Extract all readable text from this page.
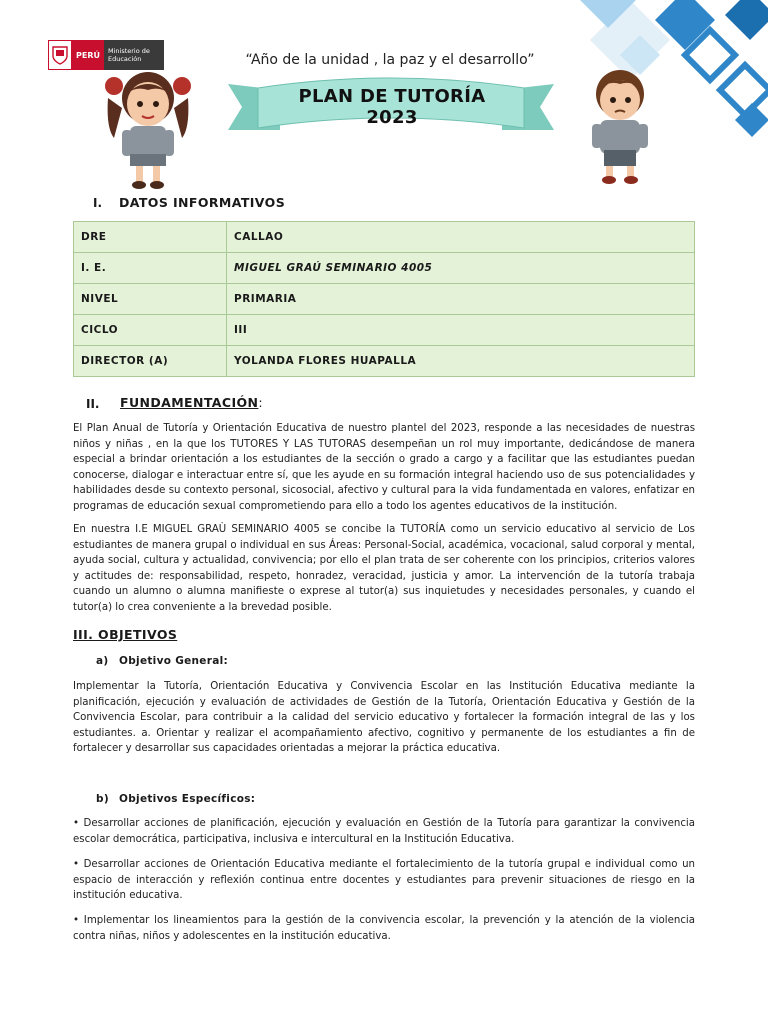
PERÚ	Ministerio de Educación	“Año de la unidad , la paz y el desarrollo”
PLAN DE TUTORÍA 2023
I. DATOS INFORMATIVOS
DRE	CALLAO
I. E.	MIGUEL GRAÚ SEMINARIO 4005
NIVEL	PRIMARIA
CICLO	III
DIRECTOR (A)	YOLANDA FLORES HUAPALLA
II. FUNDAMENTACIÓN:
El Plan Anual de Tutoría y Orientación Educativa de nuestro plantel del 2023, responde a las necesidades de nuestras niños y niñas , en la que los TUTORES Y LAS TUTORAS desempeñan un rol muy importante, dedicándose de manera especial a brindar orientación a los estudiantes de la sección o grado a cargo y a facilitar que las estudiantes puedan conocerse, dialogar e interactuar entre sí, que les ayude en su formación integral haciendo uso de sus potencialidades y habilidades desde su contexto personal, sicosocial, afectivo y cultural para la vida fundamentada en valores, enfatizar en programas de educación sexual comprometiendo para ello a todo los agentes educativos de la institución.
En nuestra I.E MIGUEL GRAÙ SEMINARIO 4005 se concibe la TUTORÍA como un servicio educativo al servicio de Los estudiantes de manera grupal o individual en sus Áreas: Personal-Social, académica, vocacional, salud corporal y mental, ayuda social, cultura y actualidad, convivencia; por ello el plan trata de ser coherente con los principios, criterios valores y actitudes de: responsabilidad, respeto, honradez, veracidad, justicia y amor. La intervención de la tutoría trabaja cuando un alumno o alumna manifieste o exprese al tutor(a) sus inquietudes y necesidades personales, y cuando el tutor(a) lo crea conveniente a la brevedad posible.
III. OBJETIVOS
a) Objetivo General:
Implementar la Tutoría, Orientación Educativa y Convivencia Escolar en las Institución Educativa mediante la planificación, ejecución y evaluación de actividades de Gestión de la Tutoría, Orientación Educativa y Gestión de la Convivencia Escolar, para contribuir a la calidad del servicio educativo y fortalecer la formación integral de las y los estudiantes. a. Orientar y realizar el acompañamiento afectivo, cognitivo y permanente de los estudiantes a fin de fortalecer y desarrollar sus capacidades orientadas a mejorar la práctica educativa.
b) Objetivos Específicos:
• Desarrollar acciones de planificación, ejecución y evaluación en Gestión de la Tutoría para garantizar la convivencia escolar democrática, participativa, inclusiva e intercultural en la Institución Educativa.
• Desarrollar acciones de Orientación Educativa mediante el fortalecimiento de la tutoría grupal e individual como un espacio de interacción y reflexión continua entre docentes y estudiantes para prevenir situaciones de riesgo en la institución educativa.
• Implementar los lineamientos para la gestión de la convivencia escolar, la prevención y la atención de la violencia contra niñas, niños y adolescentes en la institución educativa.
